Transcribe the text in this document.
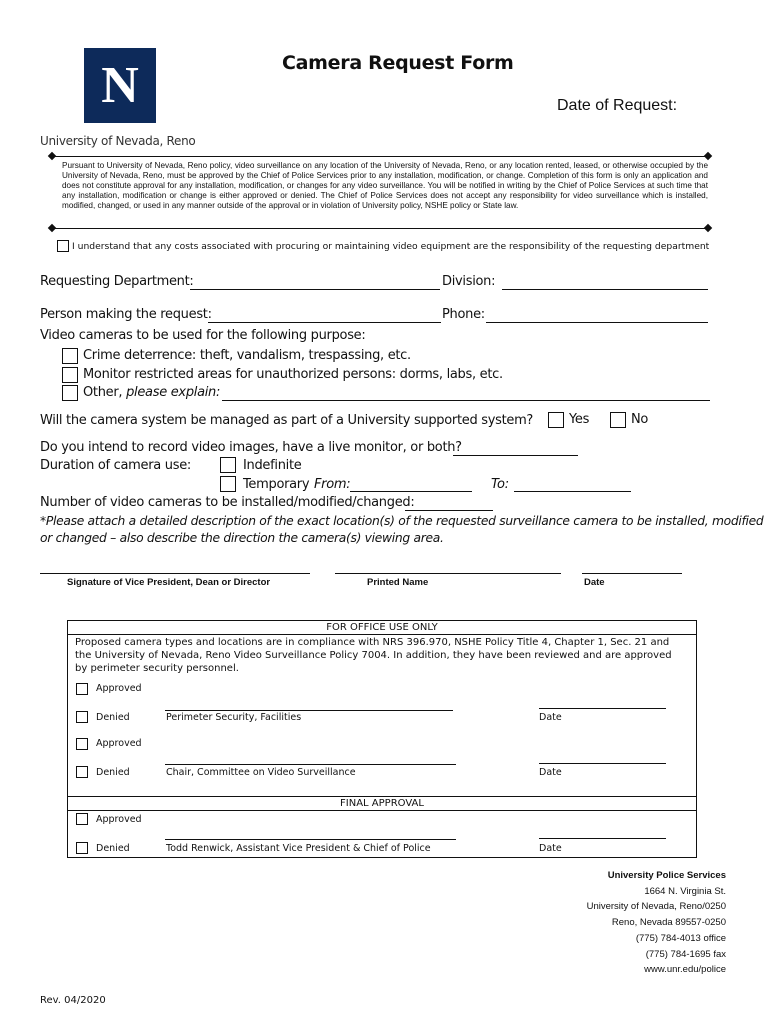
N
University of Nevada, Reno
Camera Request Form
Date of Request:
Pursuant to University of Nevada, Reno policy, video surveillance on any location of the University of Nevada, Reno, or any location rented, leased, or otherwise occupied by the University of Nevada, Reno, must be approved by the Chief of Police Services prior to any installation, modification, or change. Completion of this form is only an application and does not constitute approval for any installation, modification, or changes for any video surveillance. You will be notified in writing by the Chief of Police Services at such time that any installation, modification or change is either approved or denied. The Chief of Police Services does not accept any responsibility for video surveillance which is installed, modified, changed, or used in any manner outside of the approval or in violation of University policy, NSHE policy or State law.
I understand that any costs associated with procuring or maintaining video equipment are the responsibility of the requesting department
Requesting Department:	Division:
Person making the request:	Phone:
Video cameras to be used for the following purpose:
Crime deterrence: theft, vandalism, trespassing, etc.
Monitor restricted areas for unauthorized persons: dorms, labs, etc.
Other, please explain:
Will the camera system be managed as part of a University supported system?	Yes	No
Do you intend to record video images, have a live monitor, or both?
Duration of camera use:	Indefinite
Temporary From:	To:
Number of video cameras to be installed/modified/changed:
*Please attach a detailed description of the exact location(s) of the requested surveillance camera to be installed, modified
or changed – also describe the direction the camera(s) viewing area.
Signature of Vice President, Dean or Director	Printed Name	Date
FOR OFFICE USE ONLY
Proposed camera types and locations are in compliance with NRS 396.970, NSHE Policy Title 4, Chapter 1, Sec. 21 and
the University of Nevada, Reno Video Surveillance Policy 7004. In addition, they have been reviewed and are approved
by perimeter security personnel.
Approved
Denied	Perimeter Security, Facilities	Date
Approved
Denied	Chair, Committee on Video Surveillance	Date
FINAL APPROVAL
Approved
Denied	Todd Renwick, Assistant Vice President & Chief of Police	Date
University Police Services
1664 N. Virginia St.
University of Nevada, Reno/0250
Reno, Nevada 89557-0250
(775) 784-4013 office
(775) 784-1695 fax
www.unr.edu/police
Rev. 04/2020
